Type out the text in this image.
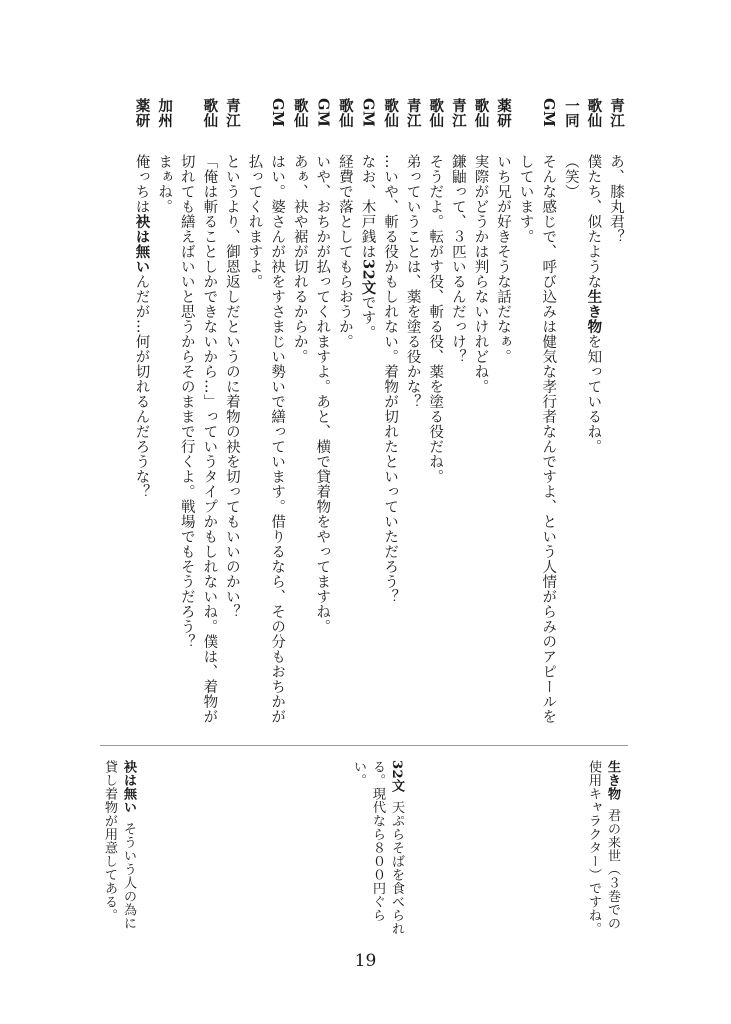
青江あ、膝丸君？
歌仙僕たち、似たような生き物を知っているね。
一同（笑）
GMそんな感じで、呼び込みは健気な孝行者なんですよ、という人情がらみのアピールを
しています。
薬研いち兄が好きそうな話だなぁ。
歌仙実際がどうかは判らないけれどね。
青江鎌鼬って、３匹いるんだっけ？
歌仙そうだよ。転がす役、斬る役、薬を塗る役だね。
青江弟っていうことは、薬を塗る役かな？
歌仙…いや、斬る役かもしれない。着物が切れたといっていただろう？
GMなお、木戸銭は32文です。
歌仙経費で落としてもらおうか。
GMいや、おちかが払ってくれますよ。あと、横で貸着物をやってますね。
歌仙あぁ、袂や裾が切れるからか。
GMはい。婆さんが袂をすさまじい勢いで繕っています。借りるなら、その分もおちかが
払ってくれますよ。
青江というより、御恩返しだというのに着物の袂を切ってもいいのかい？
歌仙「俺は斬ることしかできないから…」っていうタイプかもしれないね。僕は、着物が
切れても繕えばいいと思うからそのままで行くよ。戦場でもそうだろう？
加州まぁね。
薬研俺っちは袂は無いんだが…何が切れるんだろうな？
生き物君の来世（３巻での使用キャラクター）ですね。
32文天ぷらそばを食べられる。現代なら８００円ぐらい。
袂は無いそういう人の為に貸し着物が用意してある。
19
